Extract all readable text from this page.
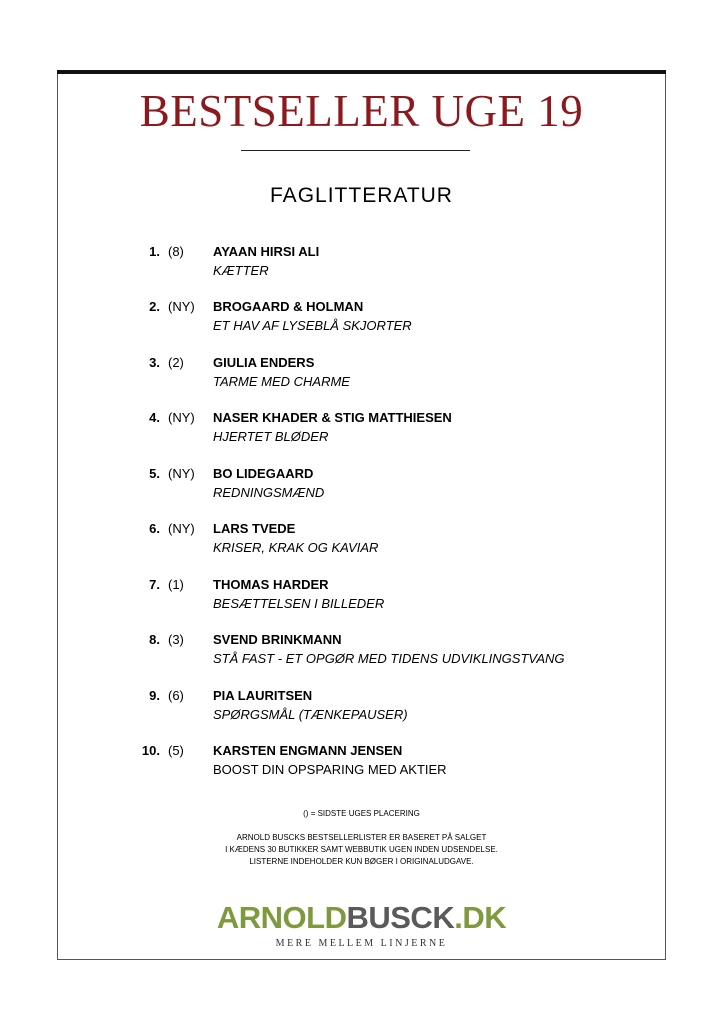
BESTSELLER UGE 19
FAGLITTERATUR
1. (8) AYAAN HIRSI ALI
KÆTTER
2. (NY) BROGAARD & HOLMAN
ET HAV AF LYSEBLÅ SKJORTER
3. (2) GIULIA ENDERS
TARME MED CHARME
4. (NY) NASER KHADER & STIG MATTHIESEN
HJERTET BLØDER
5. (NY) BO LIDEGAARD
REDNINGSMÆND
6. (NY) LARS TVEDE
KRISER, KRAK OG KAVIAR
7. (1) THOMAS HARDER
BESÆTTELSEN I BILLEDER
8. (3) SVEND BRINKMANN
STÅ FAST - ET OPGØR MED TIDENS UDVIKLINGSTVANG
9. (6) PIA LAURITSEN
SPØRGSMÅL (TÆNKEPAUSER)
10. (5) KARSTEN ENGMANN JENSEN
BOOST DIN OPSPARING MED AKTIER
() = SIDSTE UGES PLACERING
ARNOLD BUSCKS BESTSELLERLISTER ER BASERET PÅ SALGET
I KÆDENS 30 BUTIKKER SAMT WEBBUTIK UGEN INDEN UDSENDELSE.
LISTERNE INDEHOLDER KUN BØGER I ORIGINALUDGAVE.
ARNOLDBUSCK.DK
MERE MELLEM LINJERNE
